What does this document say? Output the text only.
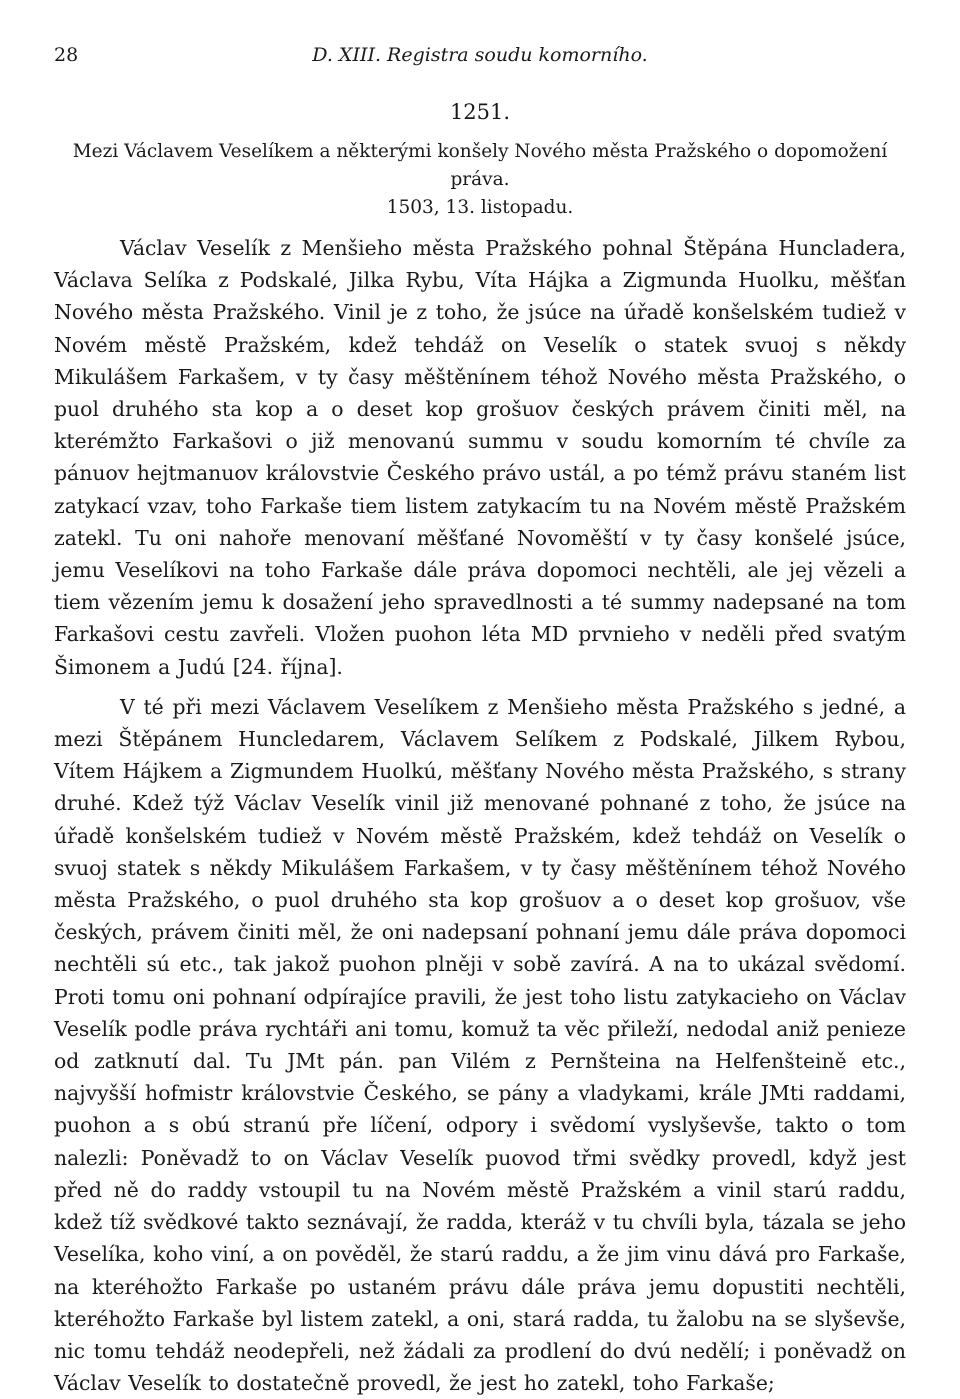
28	D. XIII. Registra soudu komorního.
1251.
Mezi Václavem Veselíkem a některými konšely Nového města Pražského o dopomožení práva.
1503, 13. listopadu.

Václav Veselík z Menšieho města Pražského pohnal Štěpána Huncladera, Václava Selíka z Podskalé, Jilka Rybu, Víta Hájka a Zigmunda Huolku, měšťan Nového města Pražského. Vinil je z toho, že jsúce na úřadě konšelském tudiež v Novém městě Pražském, kdež tehdáž on Veselík o statek svuoj s někdy Mikulášem Farkašem, v ty časy měštěnínem téhož Nového města Pražského, o puol druhého sta kop a o deset kop grošuov českých právem činiti měl, na kterémžto Farkašovi o již menovanú summu v soudu komorním té chvíle za pánuov hejtmanuov královstvie Českého právo ustál, a po témž právu staném list zatykací vzav, toho Farkaše tiem listem zatykacím tu na Novém městě Pražském zatekl. Tu oni nahoře menovaní měšťané Novoměští v ty časy konšelé jsúce, jemu Veselíkovi na toho Farkaše dále práva dopomoci nechtěli, ale jej vězeli a tiem vězením jemu k dosažení jeho spravedlnosti a té summy nadepsané na tom Farkašovi cestu zavřeli. Vložen puohon léta MD prvnieho v neděli před svatým Šimonem a Judú [24. října].

V té při mezi Václavem Veselíkem z Menšieho města Pražského s jedné, a mezi Štěpánem Huncledarem, Václavem Selíkem z Podskalé, Jilkem Rybou, Vítem Hájkem a Zigmundem Huolkú, měšťany Nového města Pražského, s strany druhé. Kdež týž Václav Veselík vinil již menované pohnané z toho, že jsúce na úřadě konšelském tudiež v Novém městě Pražském, kdež tehdáž on Veselík o svuoj statek s někdy Mikulášem Farkašem, v ty časy měštěnínem téhož Nového města Pražského, o puol druhého sta kop grošuov a o deset kop grošuov, vše českých, právem činiti měl, že oni nadepsaní pohnaní jemu dále práva dopomoci nechtěli sú etc., tak jakož puohon plněji v sobě zavírá. A na to ukázal svědomí. Proti tomu oni pohnaní odpírajíce pravili, že jest toho listu zatykacieho on Václav Veselík podle práva rychtáři ani tomu, komuž ta věc přileží, nedodal aniž penieze od zatknutí dal. Tu JMt pán. pan Vilém z Pernšteina na Helfenšteině etc., najvyšší hofmistr královstvie Českého, se pány a vladykami, krále JMti raddami, puohon a s obú stranú pře líčení, odpory i svědomí vyslyševše, takto o tom nalezli: Poněvadž to on Václav Veselík puovod třmi svědky provedl, když jest před ně do raddy vstoupil tu na Novém městě Pražském a vinil starú raddu, kdež tíž svědkové takto seznávají, že radda, kteráž v tu chvíli byla, tázala se jeho Veselíka, koho viní, a on pověděl, že starú raddu, a že jim vinu dává pro Farkaše, na kteréhožto Farkaše po ustaném právu dále práva jemu dopustiti nechtěli, kteréhožto Farkaše byl listem zatekl, a oni, stará radda, tu žalobu na se slyševše, nic tomu tehdáž neodepřeli, než žádali za prodlení do dvú nedělí; i poněvadž on Václav Veselík to dostatečně provedl, že jest ho zatekl, toho Farkaše;
